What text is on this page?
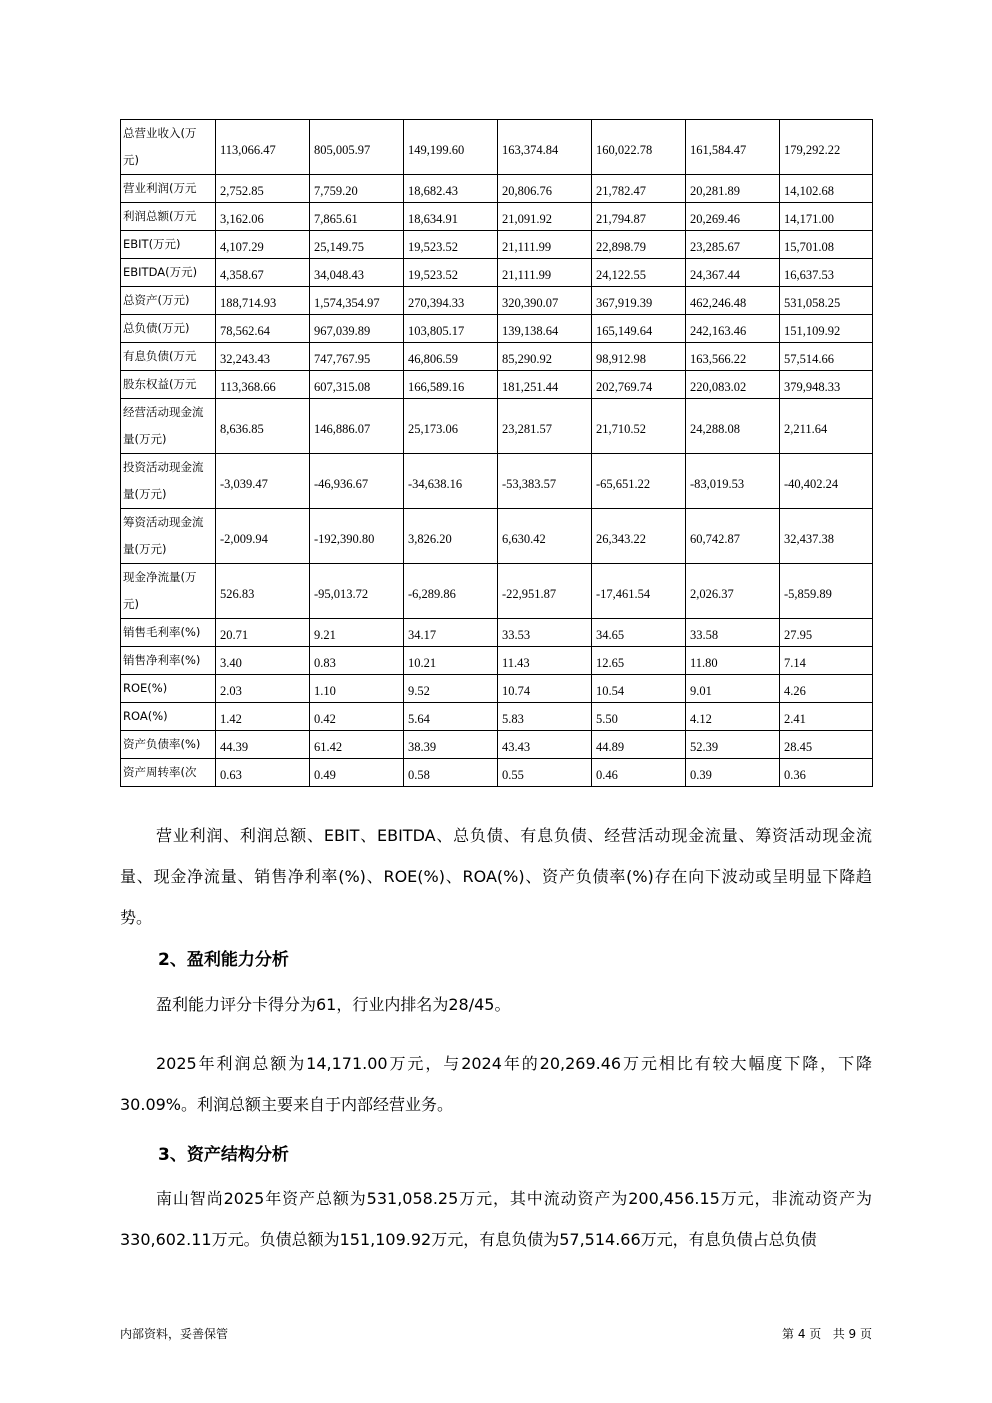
总营业收入(万元)	113,066.47	805,005.97	149,199.60	163,374.84	160,022.78	161,584.47	179,292.22
营业利润(万元	2,752.85	7,759.20	18,682.43	20,806.76	21,782.47	20,281.89	14,102.68
利润总额(万元	3,162.06	7,865.61	18,634.91	21,091.92	21,794.87	20,269.46	14,171.00
EBIT(万元)	4,107.29	25,149.75	19,523.52	21,111.99	22,898.79	23,285.67	15,701.08
EBITDA(万元)	4,358.67	34,048.43	19,523.52	21,111.99	24,122.55	24,367.44	16,637.53
总资产(万元)	188,714.93	1,574,354.97	270,394.33	320,390.07	367,919.39	462,246.48	531,058.25
总负债(万元)	78,562.64	967,039.89	103,805.17	139,138.64	165,149.64	242,163.46	151,109.92
有息负债(万元	32,243.43	747,767.95	46,806.59	85,290.92	98,912.98	163,566.22	57,514.66
股东权益(万元	113,368.66	607,315.08	166,589.16	181,251.44	202,769.74	220,083.02	379,948.33
经营活动现金流量(万元)	8,636.85	146,886.07	25,173.06	23,281.57	21,710.52	24,288.08	2,211.64
投资活动现金流量(万元)	-3,039.47	-46,936.67	-34,638.16	-53,383.57	-65,651.22	-83,019.53	-40,402.24
筹资活动现金流量(万元)	-2,009.94	-192,390.80	3,826.20	6,630.42	26,343.22	60,742.87	32,437.38
现金净流量(万元)	526.83	-95,013.72	-6,289.86	-22,951.87	-17,461.54	2,026.37	-5,859.89
销售毛利率(%)	20.71	9.21	34.17	33.53	34.65	33.58	27.95
销售净利率(%)	3.40	0.83	10.21	11.43	12.65	11.80	7.14
ROE(%)	2.03	1.10	9.52	10.74	10.54	9.01	4.26
ROA(%)	1.42	0.42	5.64	5.83	5.50	4.12	2.41
资产负债率(%)	44.39	61.42	38.39	43.43	44.89	52.39	28.45
资产周转率(次	0.63	0.49	0.58	0.55	0.46	0.39	0.36

营业利润、利润总额、EBIT、EBITDA、总负债、有息负债、经营活动现金流量、筹资活动现金流量、现金净流量、销售净利率(%)、ROE(%)、ROA(%)、资产负债率(%)存在向下波动或呈明显下降趋势。

2、盈利能力分析

盈利能力评分卡得分为61，行业内排名为28/45。

2025年利润总额为14,171.00万元，与2024年的20,269.46万元相比有较大幅度下降，下降30.09%。利润总额主要来自于内部经营业务。

3、资产结构分析

南山智尚2025年资产总额为531,058.25万元，其中流动资产为200,456.15万元，非流动资产为330,602.11万元。负债总额为151,109.92万元，有息负债为57,514.66万元，有息负债占总负债

内部资料，妥善保管	第 4 页   共 9 页
